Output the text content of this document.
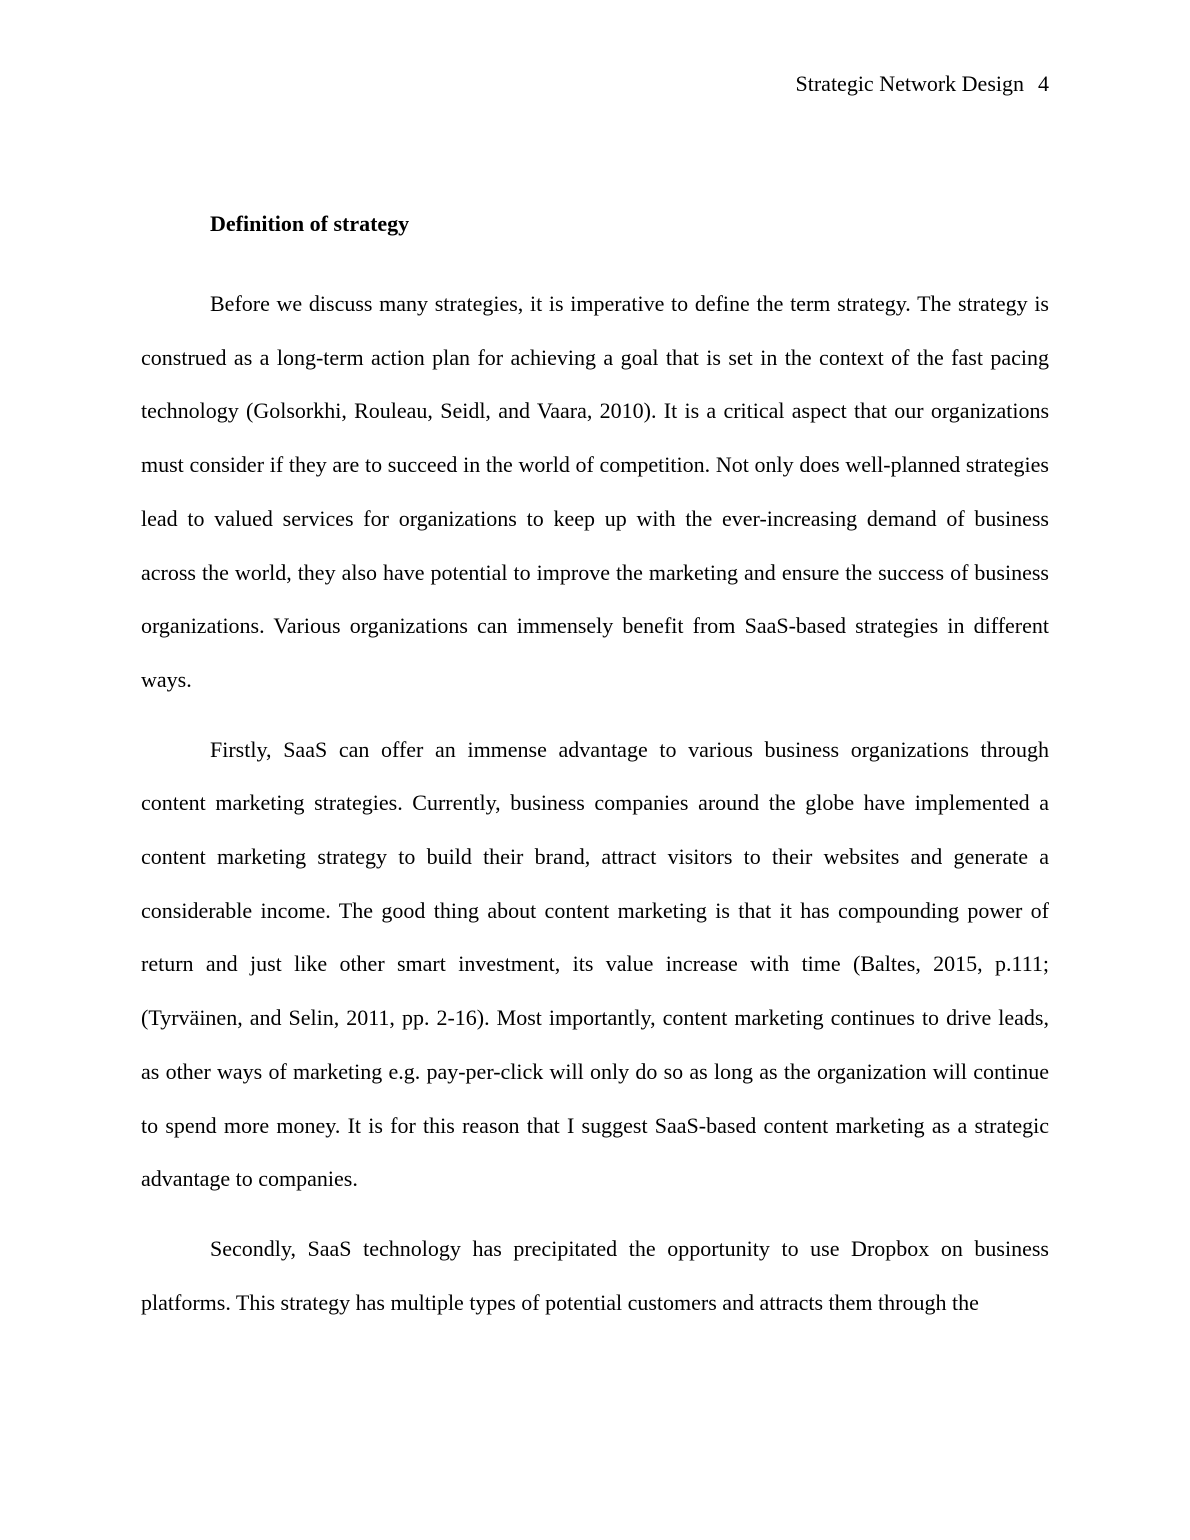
Strategic Network Design 4
Definition of strategy

Before we discuss many strategies, it is imperative to define the term strategy. The strategy is construed as a long-term action plan for achieving a goal that is set in the context of the fast pacing technology (Golsorkhi, Rouleau, Seidl, and Vaara, 2010). It is a critical aspect that our organizations must consider if they are to succeed in the world of competition. Not only does well-planned strategies lead to valued services for organizations to keep up with the ever-increasing demand of business across the world, they also have potential to improve the marketing and ensure the success of business organizations. Various organizations can immensely benefit from SaaS-based strategies in different ways.

Firstly, SaaS can offer an immense advantage to various business organizations through content marketing strategies. Currently, business companies around the globe have implemented a content marketing strategy to build their brand, attract visitors to their websites and generate a considerable income. The good thing about content marketing is that it has compounding power of return and just like other smart investment, its value increase with time (Baltes, 2015, p.111; (Tyrväinen, and Selin, 2011, pp. 2-16). Most importantly, content marketing continues to drive leads, as other ways of marketing e.g. pay-per-click will only do so as long as the organization will continue to spend more money. It is for this reason that I suggest SaaS-based content marketing as a strategic advantage to companies.

Secondly, SaaS technology has precipitated the opportunity to use Dropbox on business platforms. This strategy has multiple types of potential customers and attracts them through the
